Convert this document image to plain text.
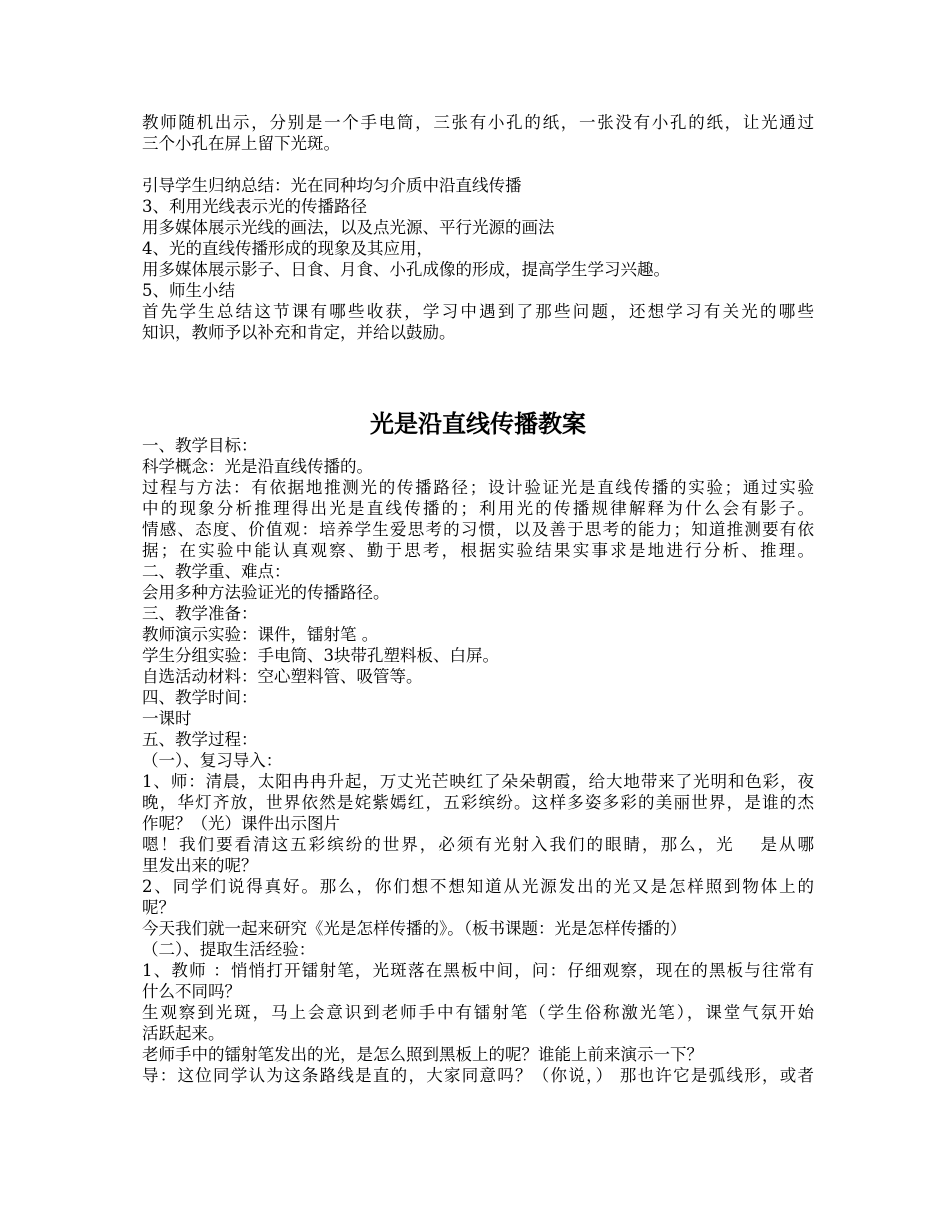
教师随机出示，分别是一个手电筒，三张有小孔的纸，一张没有小孔的纸，让光通过
三个小孔在屏上留下光斑。
引导学生归纳总结：光在同种均匀介质中沿直线传播
3、利用光线表示光的传播路径
用多媒体展示光线的画法，以及点光源、平行光源的画法
4、光的直线传播形成的现象及其应用，
用多媒体展示影子、日食、月食、小孔成像的形成，提高学生学习兴趣。
5、师生小结
首先学生总结这节课有哪些收获，学习中遇到了那些问题，还想学习有关光的哪些
知识，教师予以补充和肯定，并给以鼓励。
光是沿直线传播教案
一、教学目标：
科学概念：光是沿直线传播的。
过程与方法：有依据地推测光的传播路径；设计验证光是直线传播的实验；通过实验
中的现象分析推理得出光是直线传播的；利用光的传播规律解释为什么会有影子。
情感、态度、价值观：培养学生爱思考的习惯，以及善于思考的能力；知道推测要有依
据；在实验中能认真观察、勤于思考，根据实验结果实事求是地进行分析、推理。
二、教学重、难点：
会用多种方法验证光的传播路径。
三、教学准备：
教师演示实验：课件，镭射笔 。
学生分组实验：手电筒、3块带孔塑料板、白屏。
自选活动材料：空心塑料管、吸管等。
四、教学时间：
一课时
五、教学过程：
（一）、复习导入：
1、师：清晨，太阳冉冉升起，万丈光芒映红了朵朵朝霞，给大地带来了光明和色彩，夜
晚，华灯齐放，世界依然是姹紫嫣红，五彩缤纷。这样多姿多彩的美丽世界，是谁的杰
作呢？（光）课件出示图片
嗯！我们要看清这五彩缤纷的世界，必须有光射入我们的眼睛，那么，光　 是从哪
里发出来的呢？
2、同学们说得真好。那么，你们想不想知道从光源发出的光又是怎样照到物体上的
呢？
今天我们就一起来研究《光是怎样传播的》。（板书课题：光是怎样传播的）
（二）、提取生活经验：
1、教师 ：悄悄打开镭射笔，光斑落在黑板中间，问：仔细观察，现在的黑板与往常有
什么不同吗？
生观察到光斑，马上会意识到老师手中有镭射笔（学生俗称激光笔），课堂气氛开始
活跃起来。
老师手中的镭射笔发出的光，是怎么照到黑板上的呢？谁能上前来演示一下？
导：这位同学认为这条路线是直的，大家同意吗？（你说，） 那也许它是弧线形，或者
